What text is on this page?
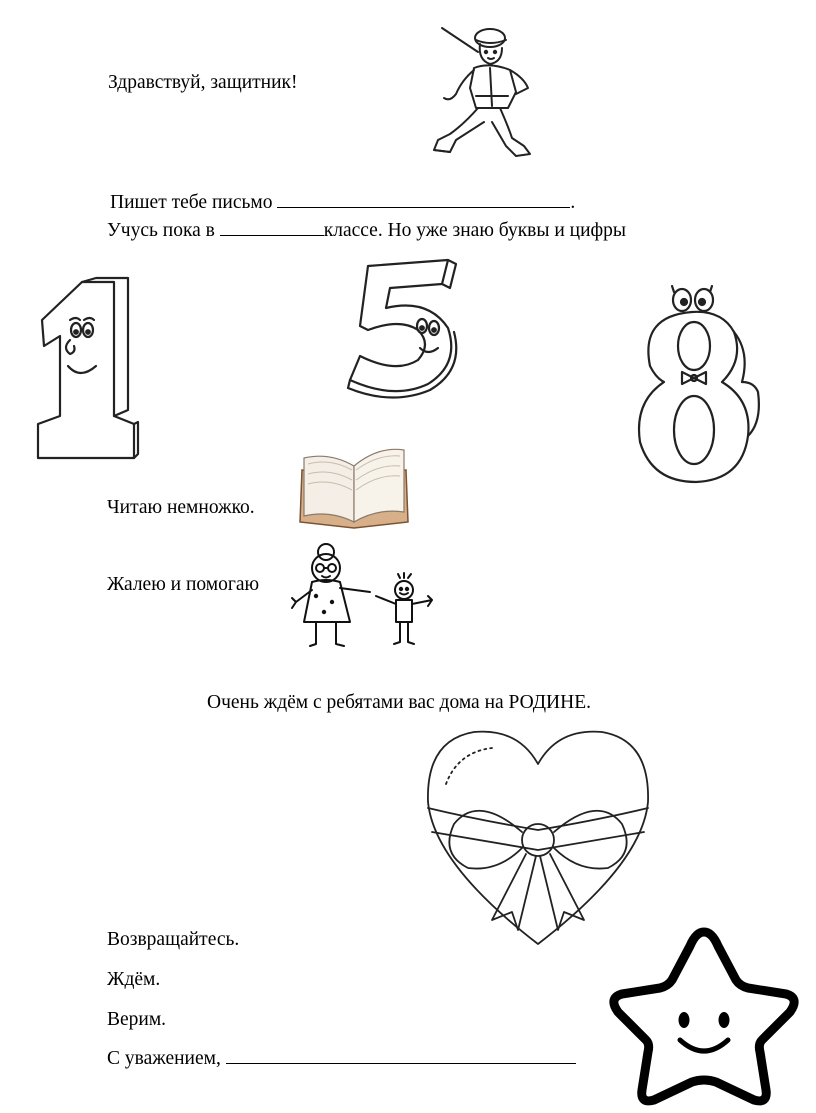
Здравствуй, защитник!
Пишет тебе письмо	.
Учусь пока в	классе. Но уже знаю буквы и цифры
Читаю немножко.
Жалею и помогаю
Очень ждём с ребятами вас дома на РОДИНЕ.
Возвращайтесь.
Ждём.
Верим.
С уважением,
